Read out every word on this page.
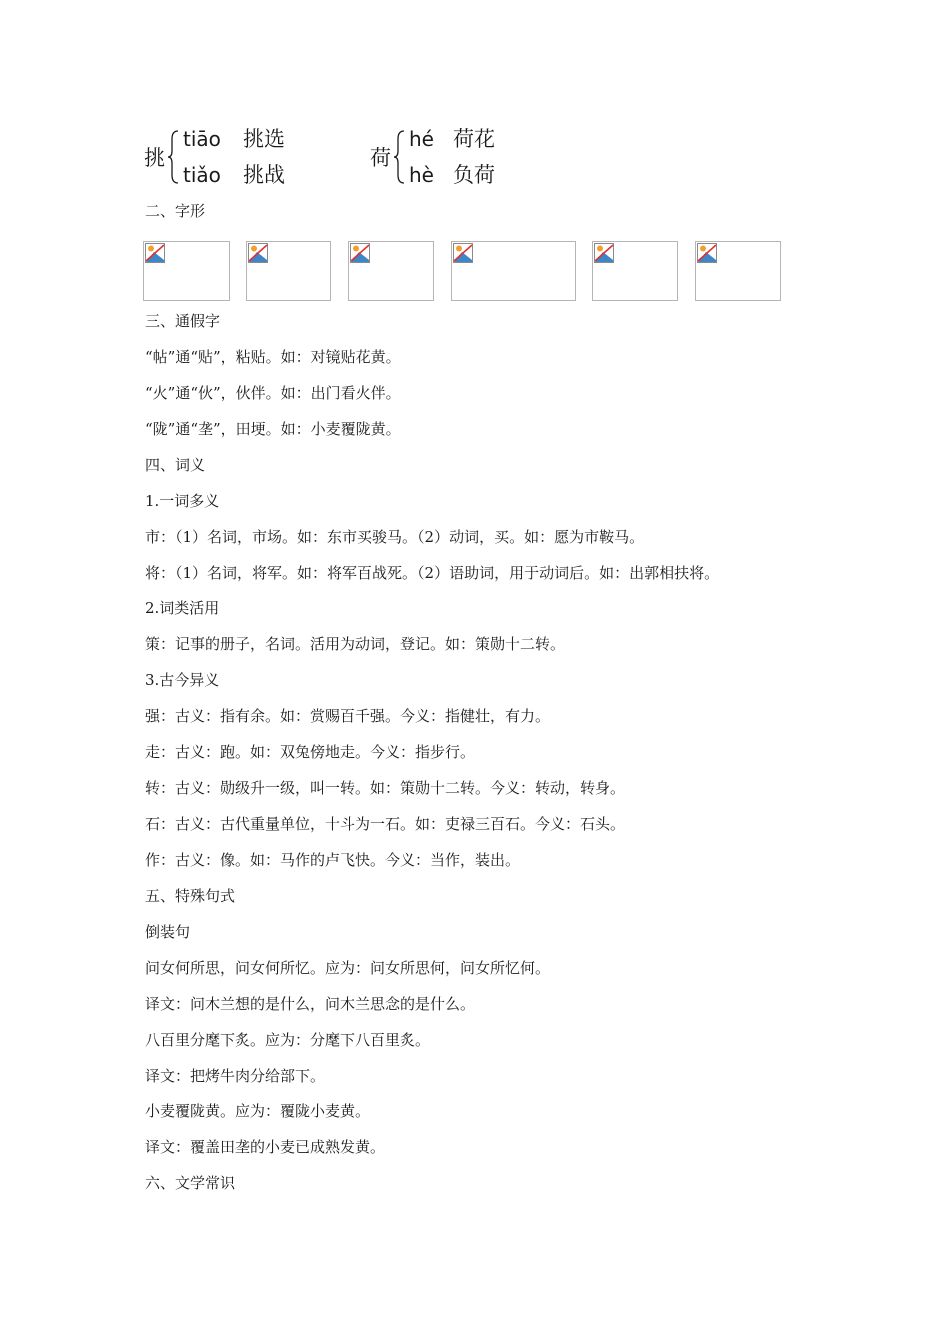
挑
tiāo	挑选
tiǎo	挑战
荷
hé 荷花
hè 负荷
二、字形
三、通假字
“帖”通“贴”，粘贴。如：对镜贴花黄。
“火”通“伙”，伙伴。如：出门看火伴。
“陇”通“垄”，田埂。如：小麦覆陇黄。
四、词义
1.一词多义
市：（1）名词，市场。如：东市买骏马。（2）动词，买。如：愿为市鞍马。
将：（1）名词，将军。如：将军百战死。（2）语助词，用于动词后。如：出郭相扶将。
2.词类活用
策：记事的册子，名词。活用为动词，登记。如：策勋十二转。
3.古今异义
强：古义：指有余。如：赏赐百千强。今义：指健壮，有力。
走：古义：跑。如：双兔傍地走。今义：指步行。
转：古义：勋级升一级，叫一转。如：策勋十二转。今义：转动，转身。
石：古义：古代重量单位，十斗为一石。如：吏禄三百石。今义：石头。
作：古义：像。如：马作的卢飞快。今义：当作，装出。
五、特殊句式
倒装句
问女何所思，问女何所忆。应为：问女所思何，问女所忆何。
译文：问木兰想的是什么，问木兰思念的是什么。
八百里分麾下炙。应为：分麾下八百里炙。
译文：把烤牛肉分给部下。
小麦覆陇黄。应为：覆陇小麦黄。
译文：覆盖田垄的小麦已成熟发黄。
六、文学常识
